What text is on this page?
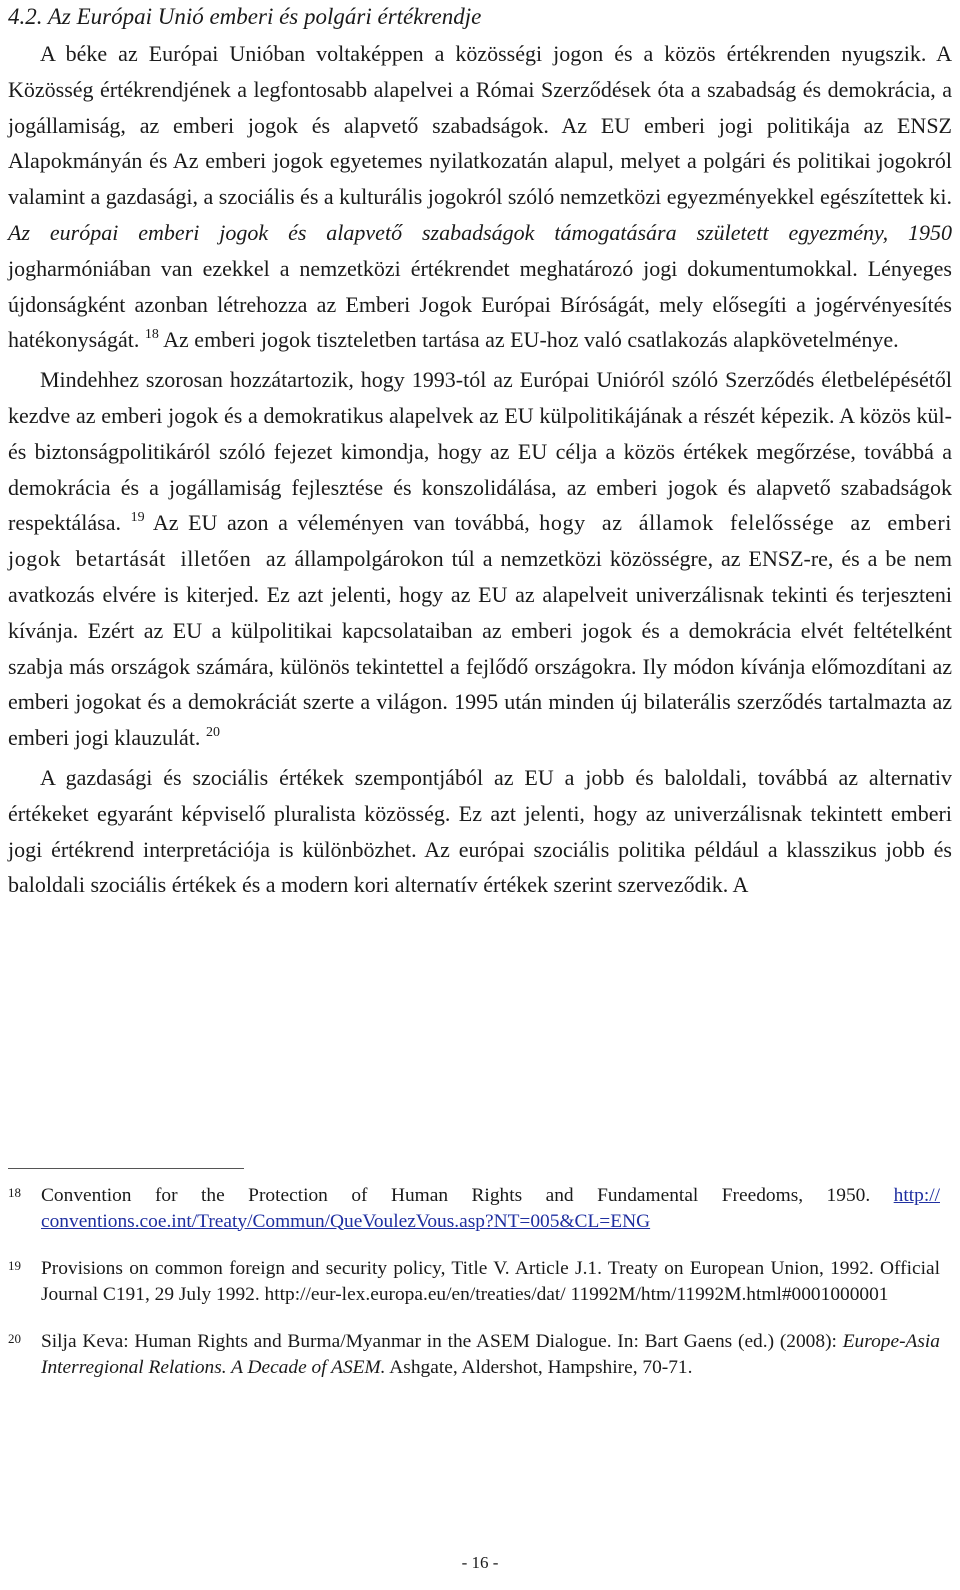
4.2. Az Európai Unió emberi és polgári értékrendje

A béke az Európai Unióban voltaképpen a közösségi jogon és a közös értékrenden nyugszik. A Közösség értékrendjének a legfontosabb alapelvei a Római Szerződések óta a szabadság és demokrácia, a jogállamiság, az emberi jogok és alapvető szabadságok. Az EU emberi jogi politikája az ENSZ Alapokmányán és Az emberi jogok egyetemes nyilatkozatán alapul, melyet a polgári és politikai jogokról valamint a gazdasági, a szociális és a kulturális jogokról szóló nemzetközi egyezményekkel egészítettek ki. Az európai emberi jogok és alapvető szabadságok támogatására született egyezmény, 1950 jogharmóniában van ezekkel a nemzetközi értékrendet meghatározó jogi dokumentumokkal. Lényeges újdonságként azonban létrehozza az Emberi Jogok Európai Bíróságát, mely elősegíti a jogérvényesítés hatékonyságát. $^{18}$ Az emberi jogok tiszteletben tartása az EU-hoz való csatlakozás alapkövetelménye.

Mindehhez szorosan hozzátartozik, hogy 1993-tól az Európai Unióról szóló Szerződés életbelépésétől kezdve az emberi jogok és a demokratikus alapelvek az EU külpolitikájának a részét képezik. A közös kül- és biztonságpolitikáról szóló fejezet kimondja, hogy az EU célja a közös értékek megőrzése, továbbá a demokrácia és a jogállamiság fejlesztése és konszolidálása, az emberi jogok és alapvető szabadságok respektálása. $^{19}$ Az EU azon a véleményen van továbbá, hogy az államok felelőssége az emberi jogok betartását illetően az állampolgárokon túl a nemzetközi közösségre, az ENSZ-re, és a be nem avatkozás elvére is kiterjed. Ez azt jelenti, hogy az EU az alapelveit univerzálisnak tekinti és terjeszteni kívánja. Ezért az EU a külpolitikai kapcsolataiban az emberi jogok és a demokrácia elvét feltételként szabja más országok számára, különös tekintettel a fejlődő országokra. Ily módon kívánja előmozdítani az emberi jogokat és a demokráciát szerte a világon. 1995 után minden új bilaterális szerződés tartalmazta az emberi jogi klauzulát. $^{20}$

A gazdasági és szociális értékek szempontjából az EU a jobb és baloldali, továbbá az alternativ értékeket egyaránt képviselő pluralista közösség. Ez azt jelenti, hogy az univerzálisnak tekintett emberi jogi értékrend interpretációja is különbözhet. Az európai szociális politika például a klasszikus jobb és baloldali szociális értékek és a modern kori alternatív értékek szerint szerveződik. A

18 Convention for the Protection of Human Rights and Fundamental Freedoms, 1950. http:// conventions.coe.int/Treaty/Commun/QueVoulezVous.asp?NT=005&CL=ENG
19 Provisions on common foreign and security policy, Title V. Article J.1. Treaty on European Union, 1992. Official Journal C191, 29 July 1992. http://eur-lex.europa.eu/en/treaties/dat/ 11992M/htm/11992M.html#0001000001
20 Silja Keva: Human Rights and Burma/Myanmar in the ASEM Dialogue. In: Bart Gaens (ed.) (2008): Europe-Asia Interregional Relations. A Decade of ASEM. Ashgate, Aldershot, Hampshire, 70-71.
- 16 -
